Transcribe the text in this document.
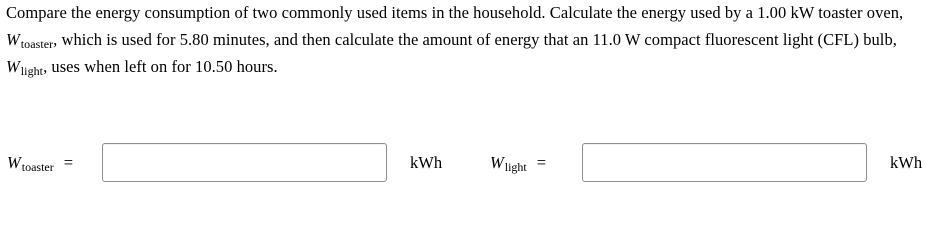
Compare the energy consumption of two commonly used items in the household. Calculate the energy used by a 1.00 kW toaster oven, Wtoaster, which is used for 5.80 minutes, and then calculate the amount of energy that an 11.0 W compact fluorescent light (CFL) bulb, Wlight, uses when left on for 10.50 hours.

Wtoaster =	kWh	Wlight =	kWh
